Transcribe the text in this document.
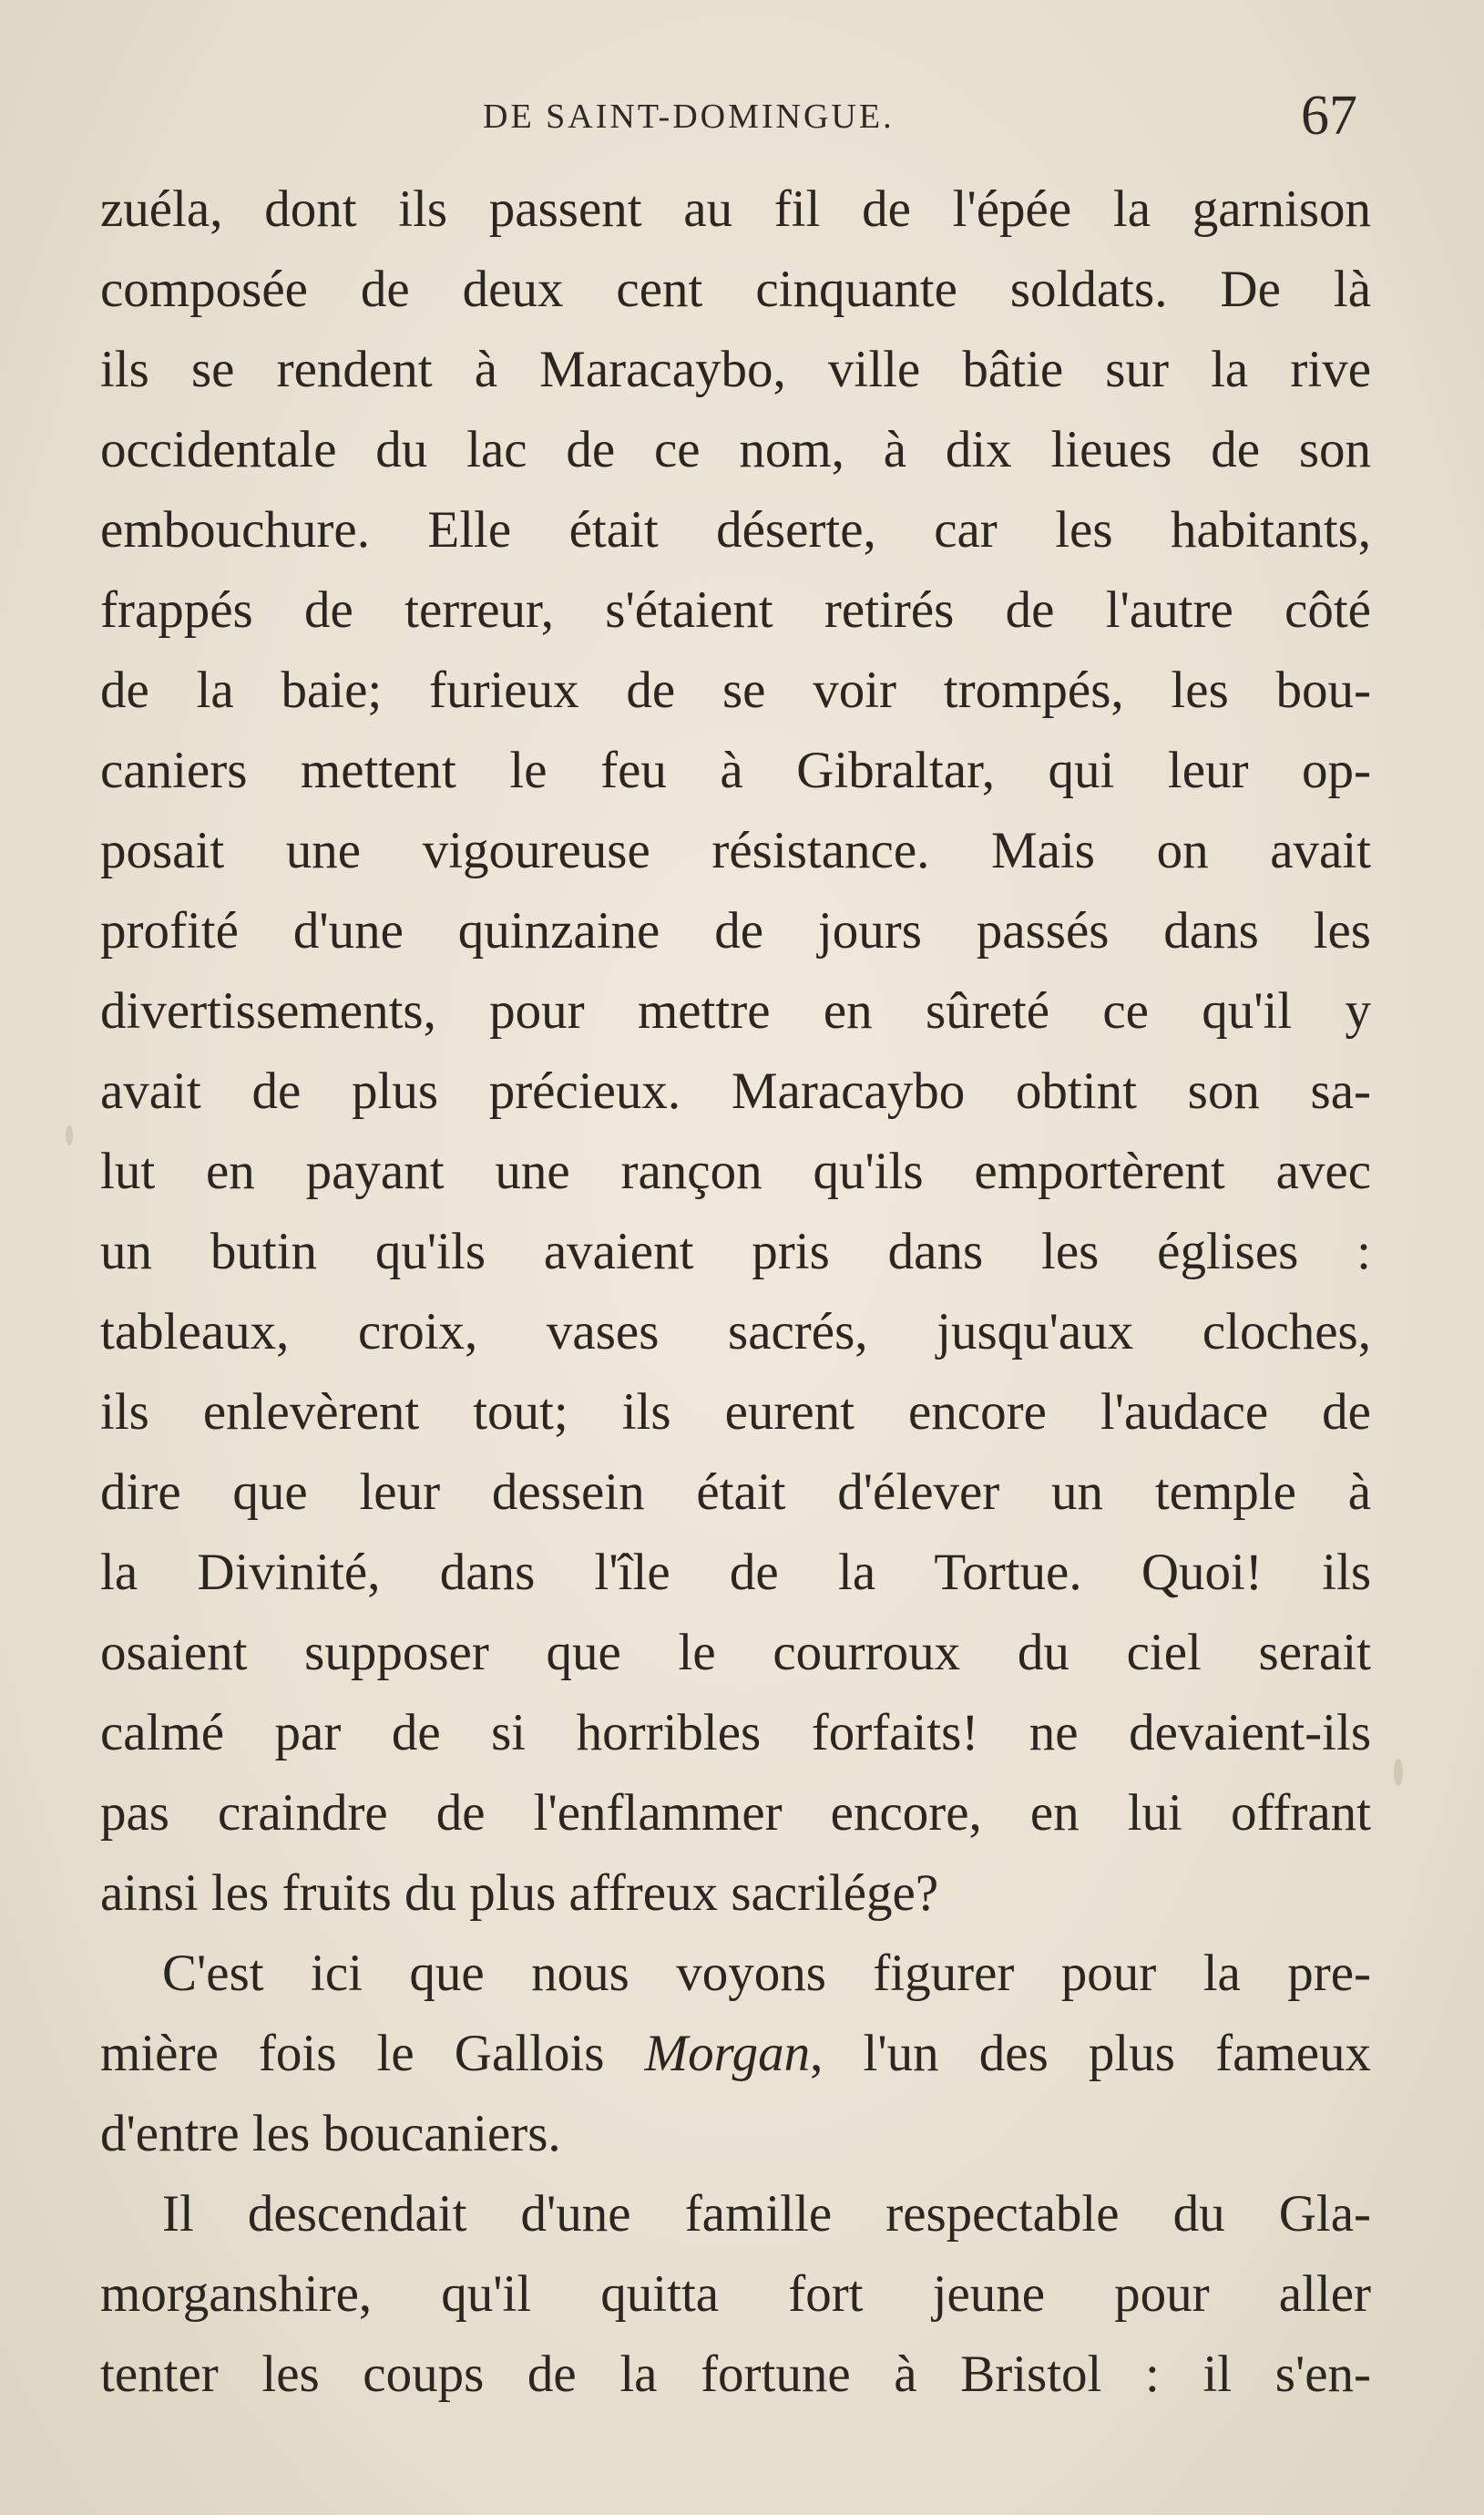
DE SAINT-DOMINGUE.	67
zuéla, dont ils passent au fil de l'épée la garnison
composée de deux cent cinquante soldats. De là
ils se rendent à Maracaybo, ville bâtie sur la rive
occidentale du lac de ce nom, à dix lieues de son
embouchure. Elle était déserte, car les habitants,
frappés de terreur, s'étaient retirés de l'autre côté
de la baie; furieux de se voir trompés, les bou-
caniers mettent le feu à Gibraltar, qui leur op-
posait une vigoureuse résistance. Mais on avait
profité d'une quinzaine de jours passés dans les
divertissements, pour mettre en sûreté ce qu'il y
avait de plus précieux. Maracaybo obtint son sa-
lut en payant une rançon qu'ils emportèrent avec
un butin qu'ils avaient pris dans les églises :
tableaux, croix, vases sacrés, jusqu'aux cloches,
ils enlevèrent tout; ils eurent encore l'audace de
dire que leur dessein était d'élever un temple à
la Divinité, dans l'île de la Tortue. Quoi! ils
osaient supposer que le courroux du ciel serait
calmé par de si horribles forfaits! ne devaient-ils
pas craindre de l'enflammer encore, en lui offrant
ainsi les fruits du plus affreux sacrilége?
C'est ici que nous voyons figurer pour la pre-
mière fois le Gallois Morgan, l'un des plus fameux
d'entre les boucaniers.
Il descendait d'une famille respectable du Gla-
morganshire, qu'il quitta fort jeune pour aller
tenter les coups de la fortune à Bristol : il s'en-
